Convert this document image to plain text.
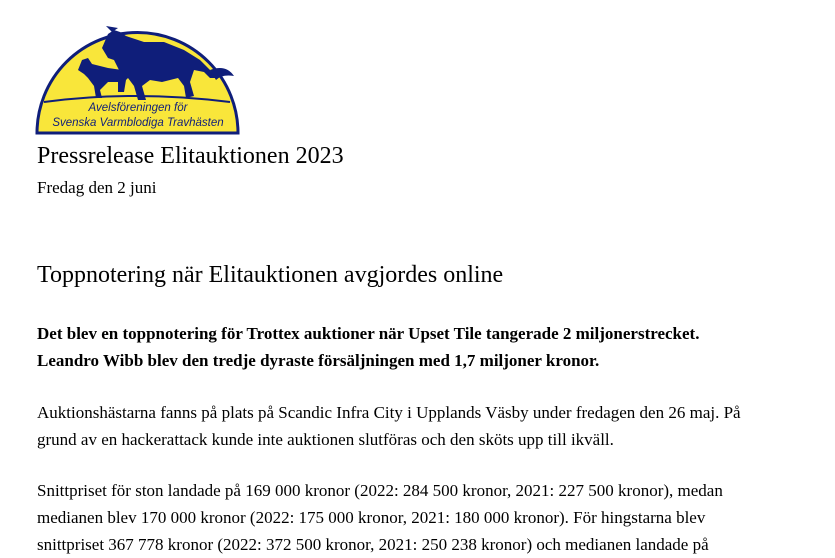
Avelsföreningen för
Svenska Varmblodiga Travhästen
Pressrelease Elitauktionen 2023
Fredag den 2 juni
Toppnotering när Elitauktionen avgjordes online
Det blev en toppnotering för Trottex auktioner när Upset Tile tangerade 2 miljonerstrecket.
Leandro Wibb blev den tredje dyraste försäljningen med 1,7 miljoner kronor.
Auktionshästarna fanns på plats på Scandic Infra City i Upplands Väsby under fredagen den 26 maj. På
grund av en hackerattack kunde inte auktionen slutföras och den sköts upp till ikväll.
Snittpriset för ston landade på 169 000 kronor (2022: 284 500 kronor, 2021: 227 500 kronor), medan
medianen blev 170 000 kronor (2022: 175 000 kronor, 2021: 180 000 kronor). För hingstarna blev
snittpriset 367 778 kronor (2022: 372 500 kronor, 2021: 250 238 kronor) och medianen landade på
